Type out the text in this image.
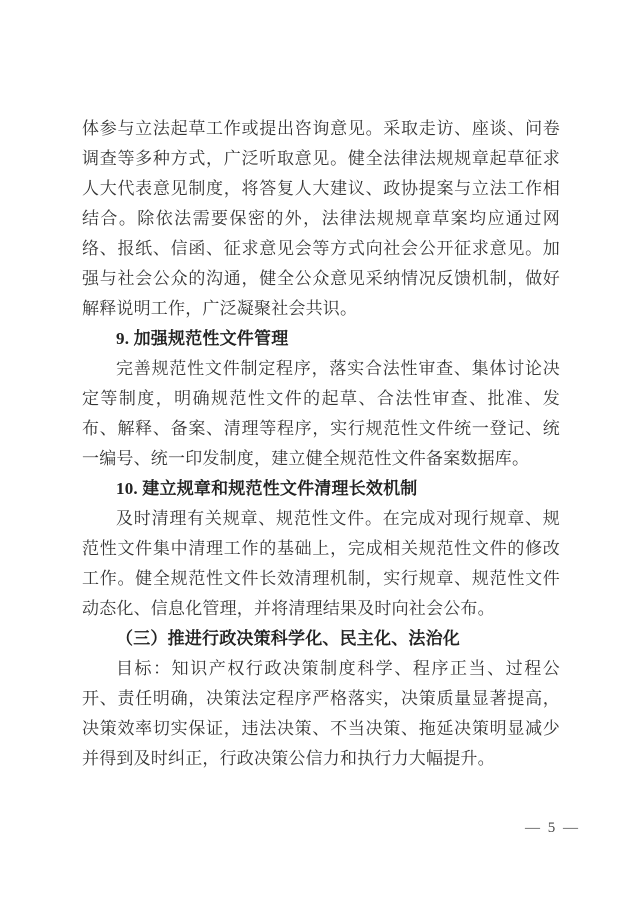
体参与立法起草工作或提出咨询意见。采取走访、座谈、问卷调查等多种方式，广泛听取意见。健全法律法规规章起草征求人大代表意见制度，将答复人大建议、政协提案与立法工作相结合。除依法需要保密的外，法律法规规章草案均应通过网络、报纸、信函、征求意见会等方式向社会公开征求意见。加强与社会公众的沟通，健全公众意见采纳情况反馈机制，做好解释说明工作，广泛凝聚社会共识。

9. 加强规范性文件管理

完善规范性文件制定程序，落实合法性审查、集体讨论决定等制度，明确规范性文件的起草、合法性审查、批准、发布、解释、备案、清理等程序，实行规范性文件统一登记、统一编号、统一印发制度，建立健全规范性文件备案数据库。

10. 建立规章和规范性文件清理长效机制

及时清理有关规章、规范性文件。在完成对现行规章、规范性文件集中清理工作的基础上，完成相关规范性文件的修改工作。健全规范性文件长效清理机制，实行规章、规范性文件动态化、信息化管理，并将清理结果及时向社会公布。

（三）推进行政决策科学化、民主化、法治化

目标：知识产权行政决策制度科学、程序正当、过程公开、责任明确，决策法定程序严格落实，决策质量显著提高，决策效率切实保证，违法决策、不当决策、拖延决策明显减少并得到及时纠正，行政决策公信力和执行力大幅提升。

— 5 —
